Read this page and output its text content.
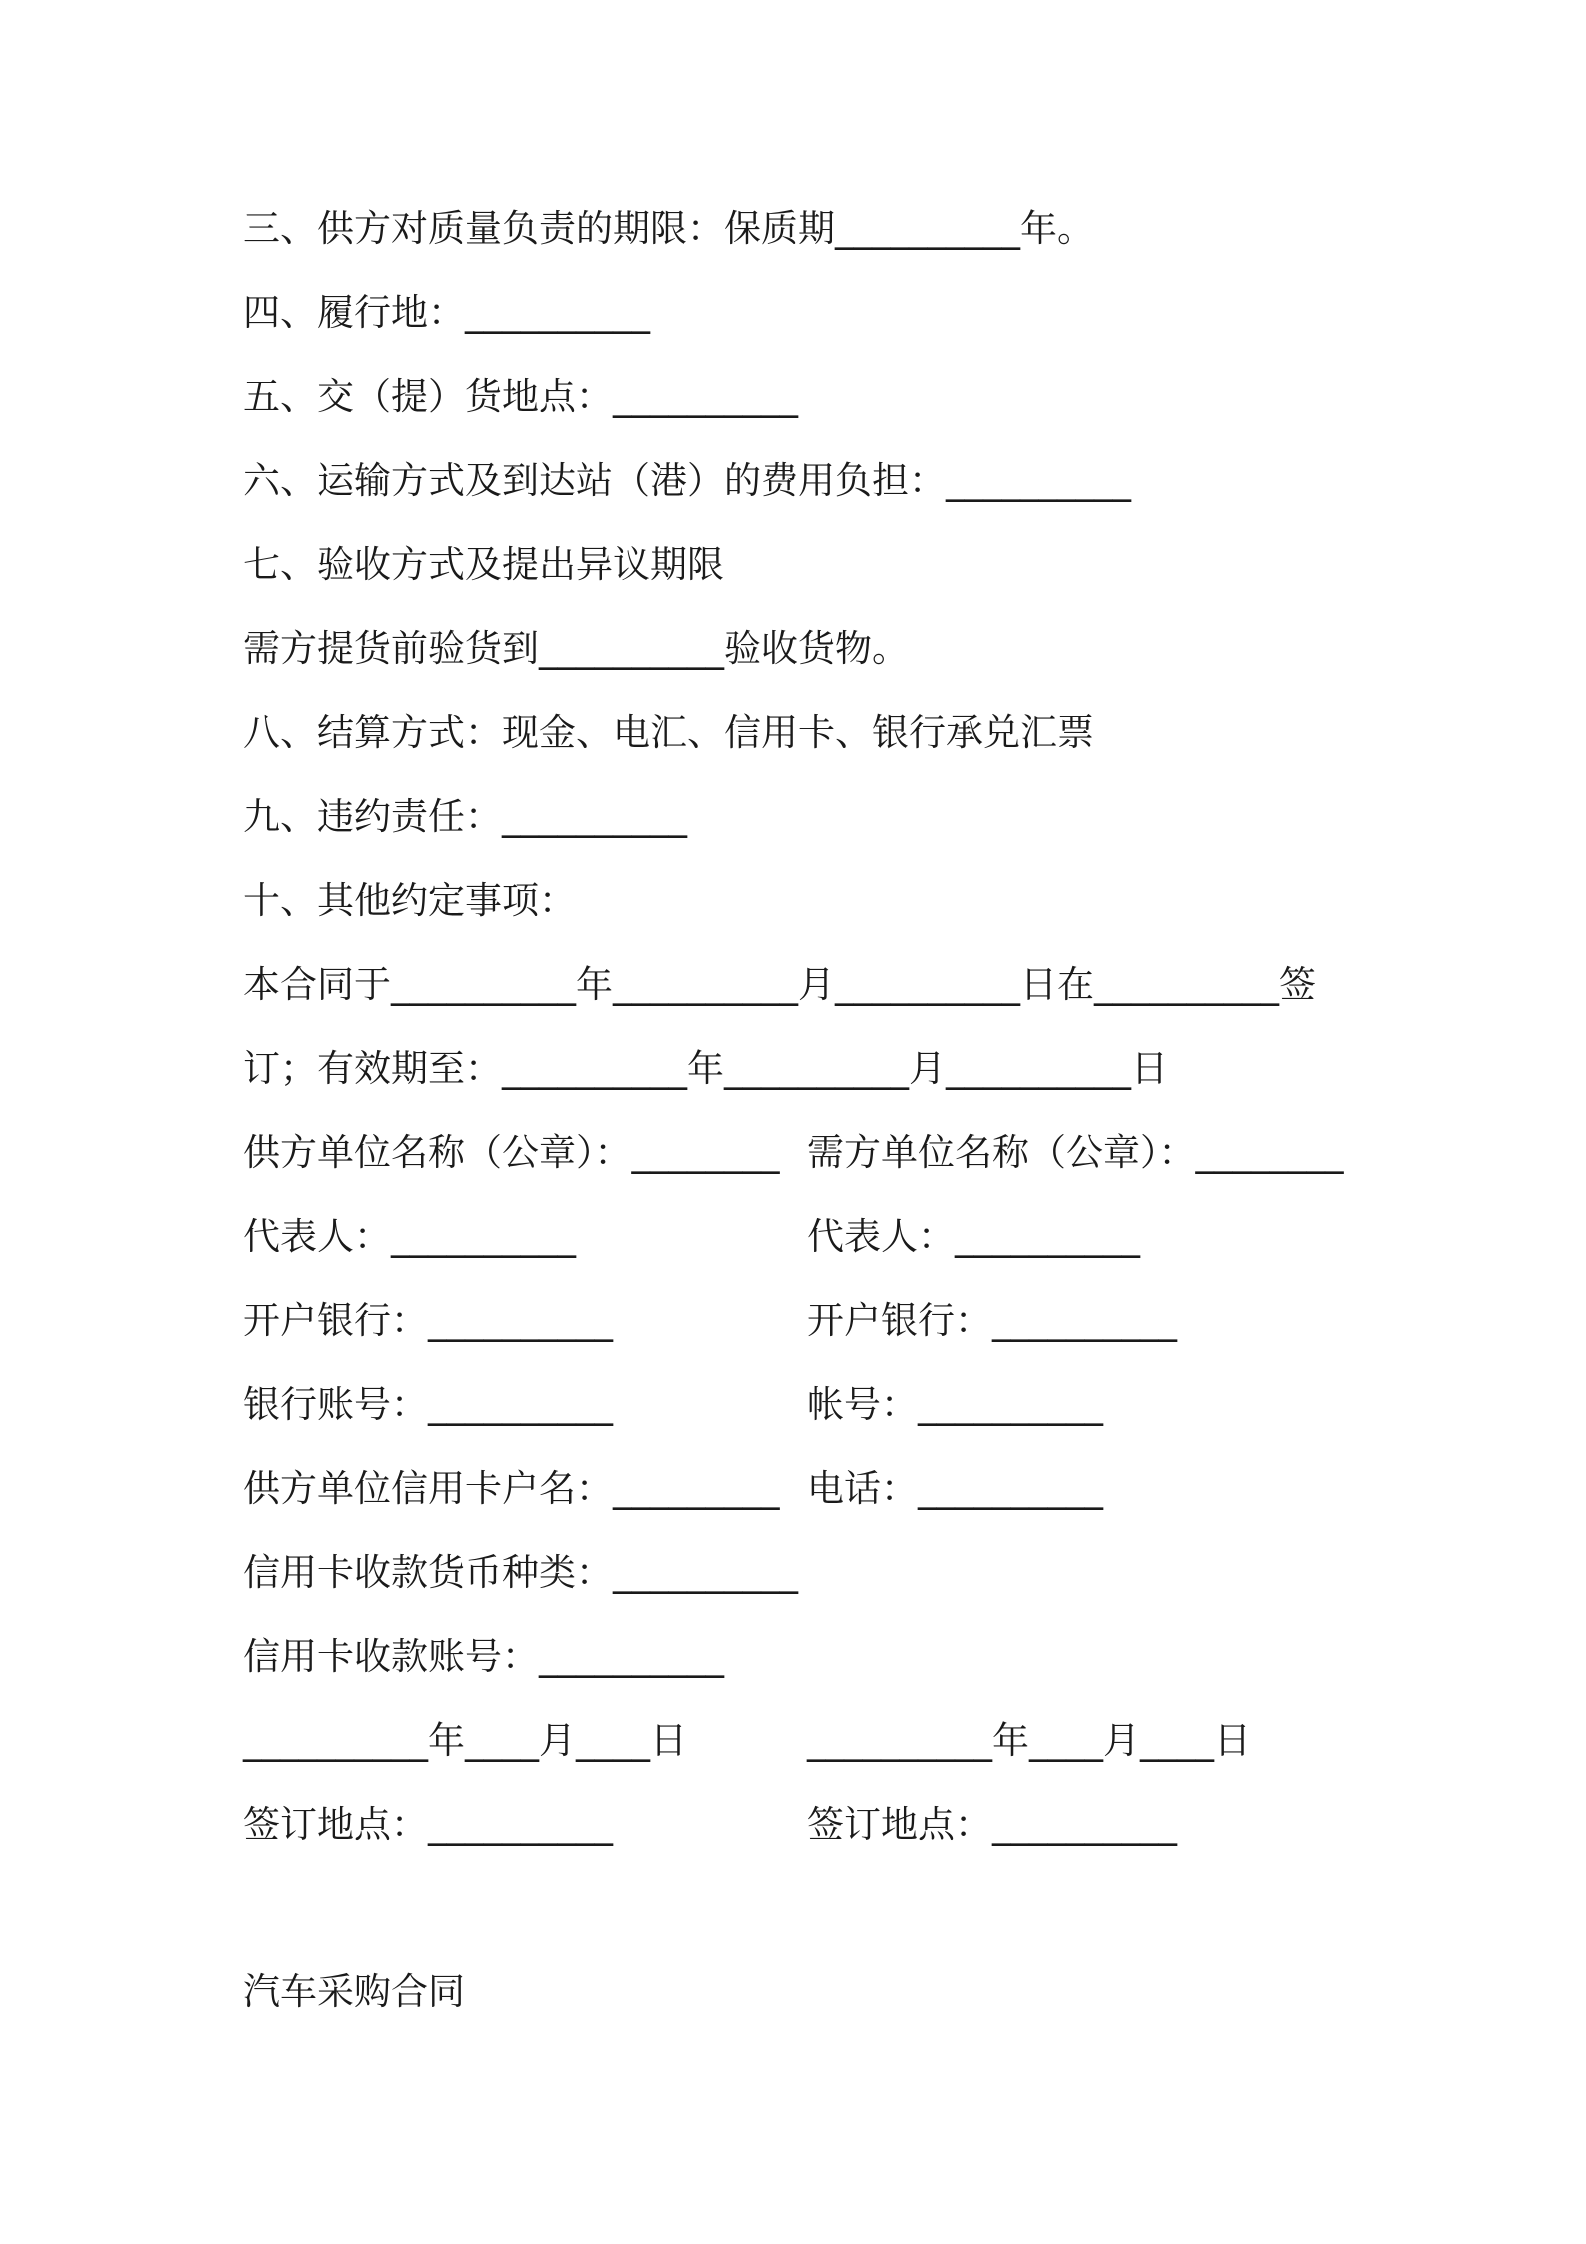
三、供方对质量负责的期限：保质期__________年。
四、履行地：__________
五、交（提）货地点：__________
六、运输方式及到达站（港）的费用负担：__________
七、验收方式及提出异议期限
需方提货前验货到__________验收货物。
八、结算方式：现金、电汇、信用卡、银行承兑汇票
九、违约责任：__________
十、其他约定事项：
本合同于__________年__________月__________日在__________签
订；有效期至：__________年__________月__________日
供方单位名称（公章）：________ 需方单位名称（公章）：________
代表人：__________	代表人：__________
开户银行：__________	开户银行：__________
银行账号：__________	帐号：__________
供方单位信用卡户名：_________ 电话：__________
信用卡收款货币种类：__________
信用卡收款账号：__________
__________年____月____日	__________年____月____日
签订地点：__________	签订地点：__________
汽车采购合同
